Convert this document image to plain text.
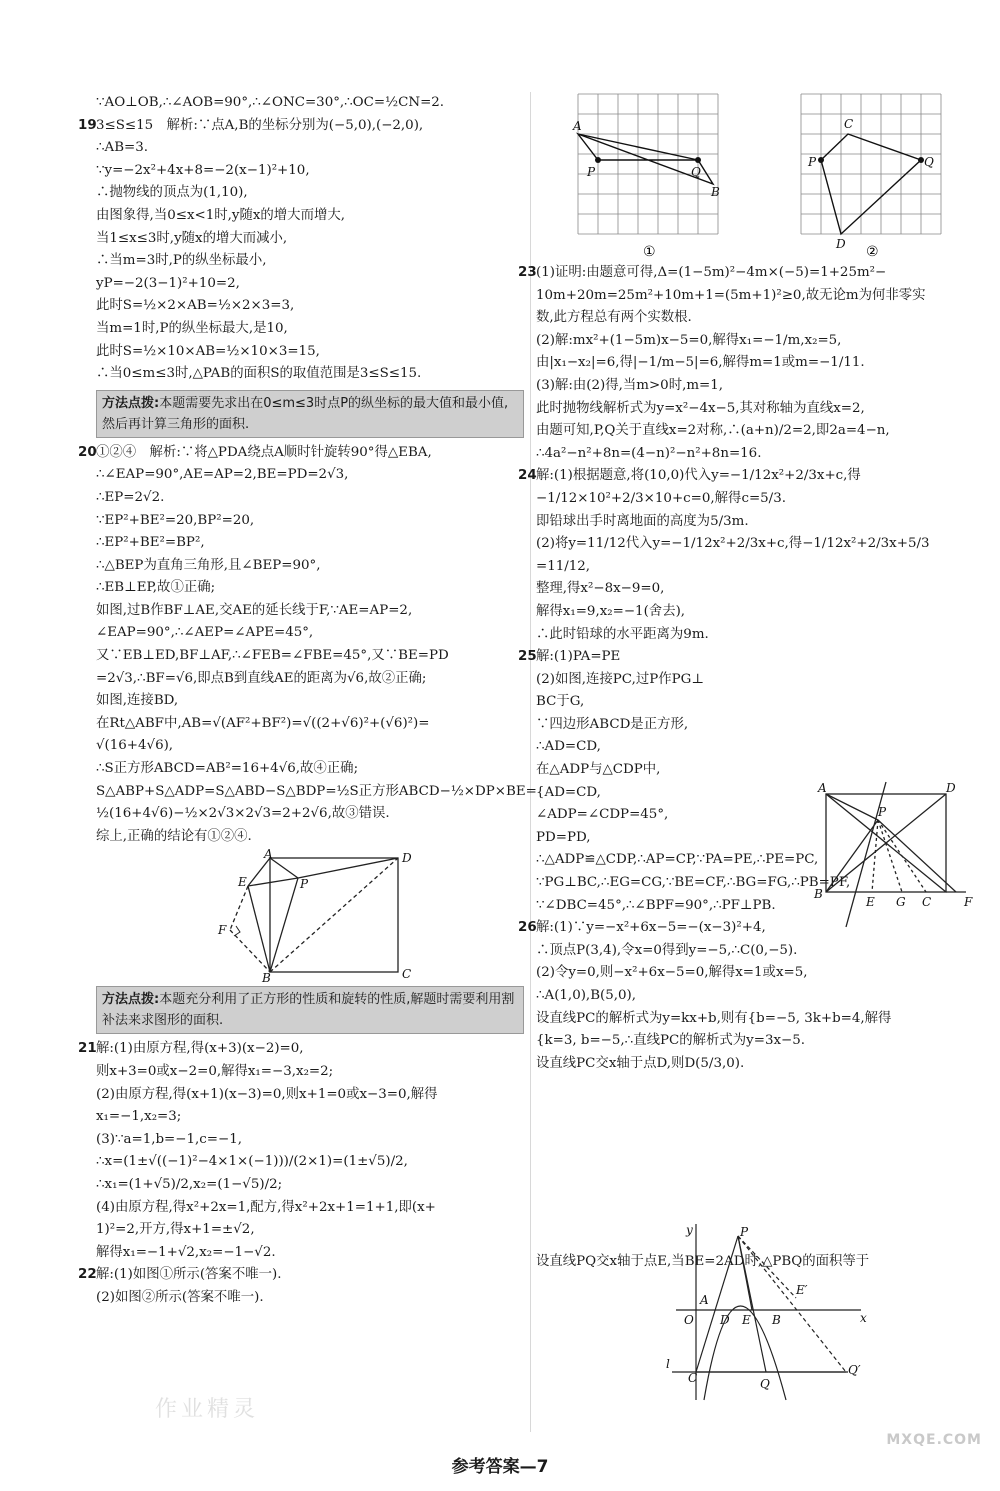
∵AO⊥OB,∴∠AOB=90°,∴∠ONC=30°,∴OC=½CN=2.
193≤S≤15　解析:∵点A,B的坐标分别为(−5,0),(−2,0),
∴AB=3.
∵y=−2x²+4x+8=−2(x−1)²+10,
∴抛物线的顶点为(1,10),
由图象得,当0≤x<1时,y随x的增大而增大,
当1≤x≤3时,y随x的增大而减小,
∴当m=3时,P的纵坐标最小,
yP=−2(3−1)²+10=2,
此时S=½×2×AB=½×2×3=3,
当m=1时,P的纵坐标最大,是10,
此时S=½×10×AB=½×10×3=15,
∴当0≤m≤3时,△PAB的面积S的取值范围是3≤S≤15.
方法点拨:本题需要先求出在0≤m≤3时点P的纵坐标的最大值和最小值,然后再计算三角形的面积.
20①②④　解析:∵将△PDA绕点A顺时针旋转90°得△EBA,
∴∠EAP=90°,AE=AP=2,BE=PD=2√3,
∴EP=2√2.
∵EP²+BE²=20,BP²=20,
∴EP²+BE²=BP²,
∴△BEP为直角三角形,且∠BEP=90°,
∴EB⊥EP,故①正确;
如图,过B作BF⊥AE,交AE的延长线于F,∵AE=AP=2,
∠EAP=90°,∴∠AEP=∠APE=45°,
又∵EB⊥ED,BF⊥AF,∴∠FEB=∠FBE=45°,又∵BE=PD
=2√3,∴BF=√6,即点B到直线AE的距离为√6,故②正确;
如图,连接BD,
在Rt△ABF中,AB=√(AF²+BF²)=√((2+√6)²+(√6)²)=
√(16+4√6),
∴S正方形ABCD=AB²=16+4√6,故④正确;
S△ABP+S△ADP=S△ABD−S△BDP=½S正方形ABCD−½×DP×BE=
½(16+4√6)−½×2√3×2√3=2+2√6,故③错误.
综上,正确的结论有①②④.
A	D
E	P
F
B	C
方法点拨:本题充分利用了正方形的性质和旋转的性质,解题时需要利用割补法来求图形的面积.
21解:(1)由原方程,得(x+3)(x−2)=0,
则x+3=0或x−2=0,解得x₁=−3,x₂=2;
(2)由原方程,得(x+1)(x−3)=0,则x+1=0或x−3=0,解得
x₁=−1,x₂=3;
(3)∵a=1,b=−1,c=−1,
∴x=(1±√((−1)²−4×1×(−1)))/(2×1)=(1±√5)/2,
∴x₁=(1+√5)/2,x₂=(1−√5)/2;
(4)由原方程,得x²+2x=1,配方,得x²+2x+1=1+1,即(x+
1)²=2,开方,得x+1=±√2,
解得x₁=−1+√2,x₂=−1−√2.
22解:(1)如图①所示(答案不唯一).
(2)如图②所示(答案不唯一).
A
P	Q
B
①
C
P	Q
D ②
23(1)证明:由题意可得,Δ=(1−5m)²−4m×(−5)=1+25m²−
10m+20m=25m²+10m+1=(5m+1)²≥0,故无论m为何非零实
数,此方程总有两个实数根.
(2)解:mx²+(1−5m)x−5=0,解得x₁=−1/m,x₂=5,
由|x₁−x₂|=6,得|−1/m−5|=6,解得m=1或m=−1/11.
(3)解:由(2)得,当m>0时,m=1,
此时抛物线解析式为y=x²−4x−5,其对称轴为直线x=2,
由题可知,P,Q关于直线x=2对称,∴(a+n)/2=2,即2a=4−n,
∴4a²−n²+8n=(4−n)²−n²+8n=16.
24解:(1)根据题意,将(10,0)代入y=−1/12x²+2/3x+c,得
−1/12×10²+2/3×10+c=0,解得c=5/3.
即铅球出手时离地面的高度为5/3m.
(2)将y=11/12代入y=−1/12x²+2/3x+c,得−1/12x²+2/3x+5/3
=11/12,
整理,得x²−8x−9=0,
解得x₁=9,x₂=−1(舍去),
∴此时铅球的水平距离为9m.
25解:(1)PA=PE
(2)如图,连接PC,过P作PG⊥
BC于G,
∵四边形ABCD是正方形,
∴AD=CD,
在△ADP与△CDP中,
{AD=CD,
∠ADP=∠CDP=45°,
PD=PD,
∴△ADP≌△CDP,∴AP=CP,∵PA=PE,∴PE=PC,
∵PG⊥BC,∴EG=CG,∵BE=CF,∴BG=FG,∴PB=PF,
∵∠DBC=45°,∴∠BPF=90°,∴PF⊥PB.
26解:(1)∵y=−x²+6x−5=−(x−3)²+4,
∴顶点P(3,4),令x=0得到y=−5,∴C(0,−5).
(2)令y=0,则−x²+6x−5=0,解得x=1或x=5,
∴A(1,0),B(5,0),
设直线PC的解析式为y=kx+b,则有{b=−5, 3k+b=4,解得
{k=3, b=−5,∴直线PC的解析式为y=3x−5.
设直线PC交x轴于点D,则D(5/3,0).
A	D
P
B
E G C	F
y
x
O
A
D E B
E′
P
C
l
Q
Q′
设直线PQ交x轴于点E,当BE=2AD时,△PBQ的面积等于
作业精灵
参考答案—7
MXQE.COM
